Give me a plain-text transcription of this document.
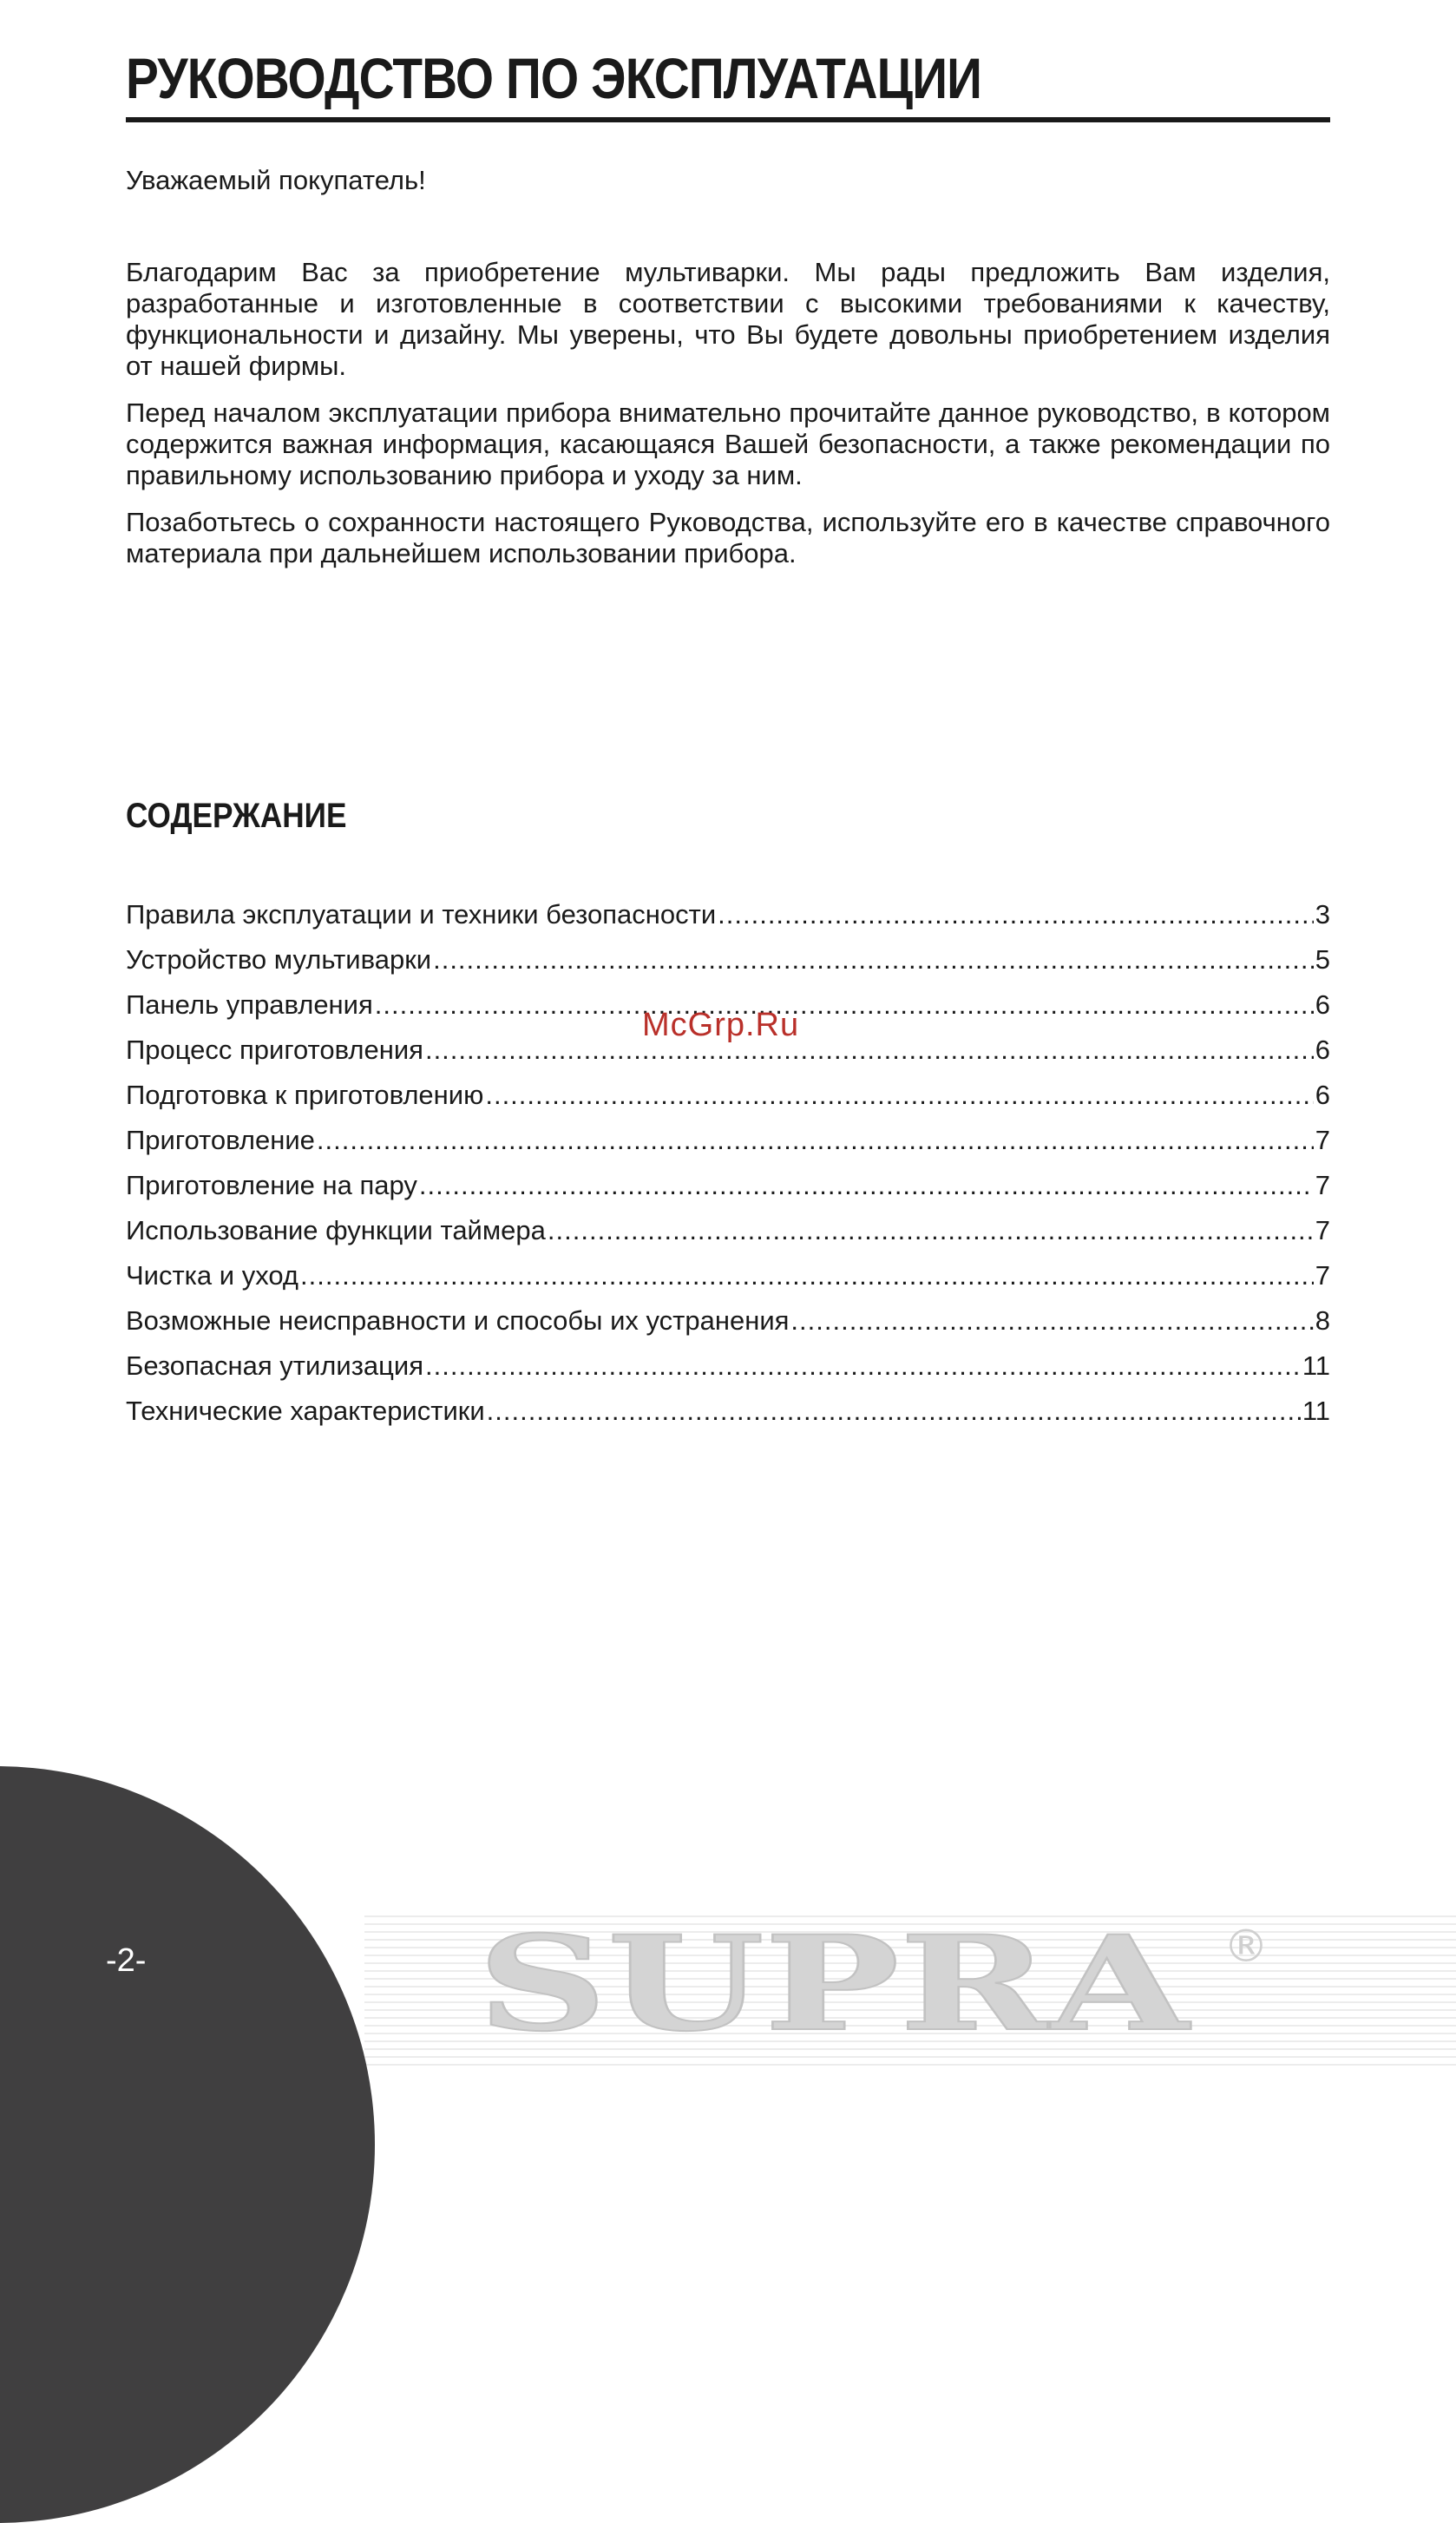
РУКОВОДСТВО ПО ЭКСПЛУАТАЦИИ

Уважаемый покупатель!

Благодарим Вас за приобретение мультиварки. Мы рады предложить Вам изделия, разработанные и изготовленные в соответствии с высокими требованиями к качеству, функциональности и дизайну. Мы уверены, что Вы будете довольны приобретением изделия от нашей фирмы.

Перед началом эксплуатации прибора внимательно прочитайте данное руководство, в котором содержится важная информация, касающаяся Вашей безопасности, а также рекомендации по правильному использованию прибора и уходу за ним.

Позаботьтесь о сохранности настоящего Руководства, используйте его в качестве справочного материала при дальнейшем использовании прибора.

СОДЕРЖАНИЕ
Правила эксплуатации и техники безопасности .....	3
Устройство мультиварки .....	5
Панель управления .....	6
Процесс приготовления .....	6
Подготовка к приготовлению .....	6
Приготовление .....	7
Приготовление на пару .....	7
Использование функции таймера .....	7
Чистка и уход .....	7
Возможные неисправности и способы их устранения .....	8
Безопасная утилизация .....	11
Технические характеристики .....	11
McGrp.Ru
-2-	SUPRA ®
